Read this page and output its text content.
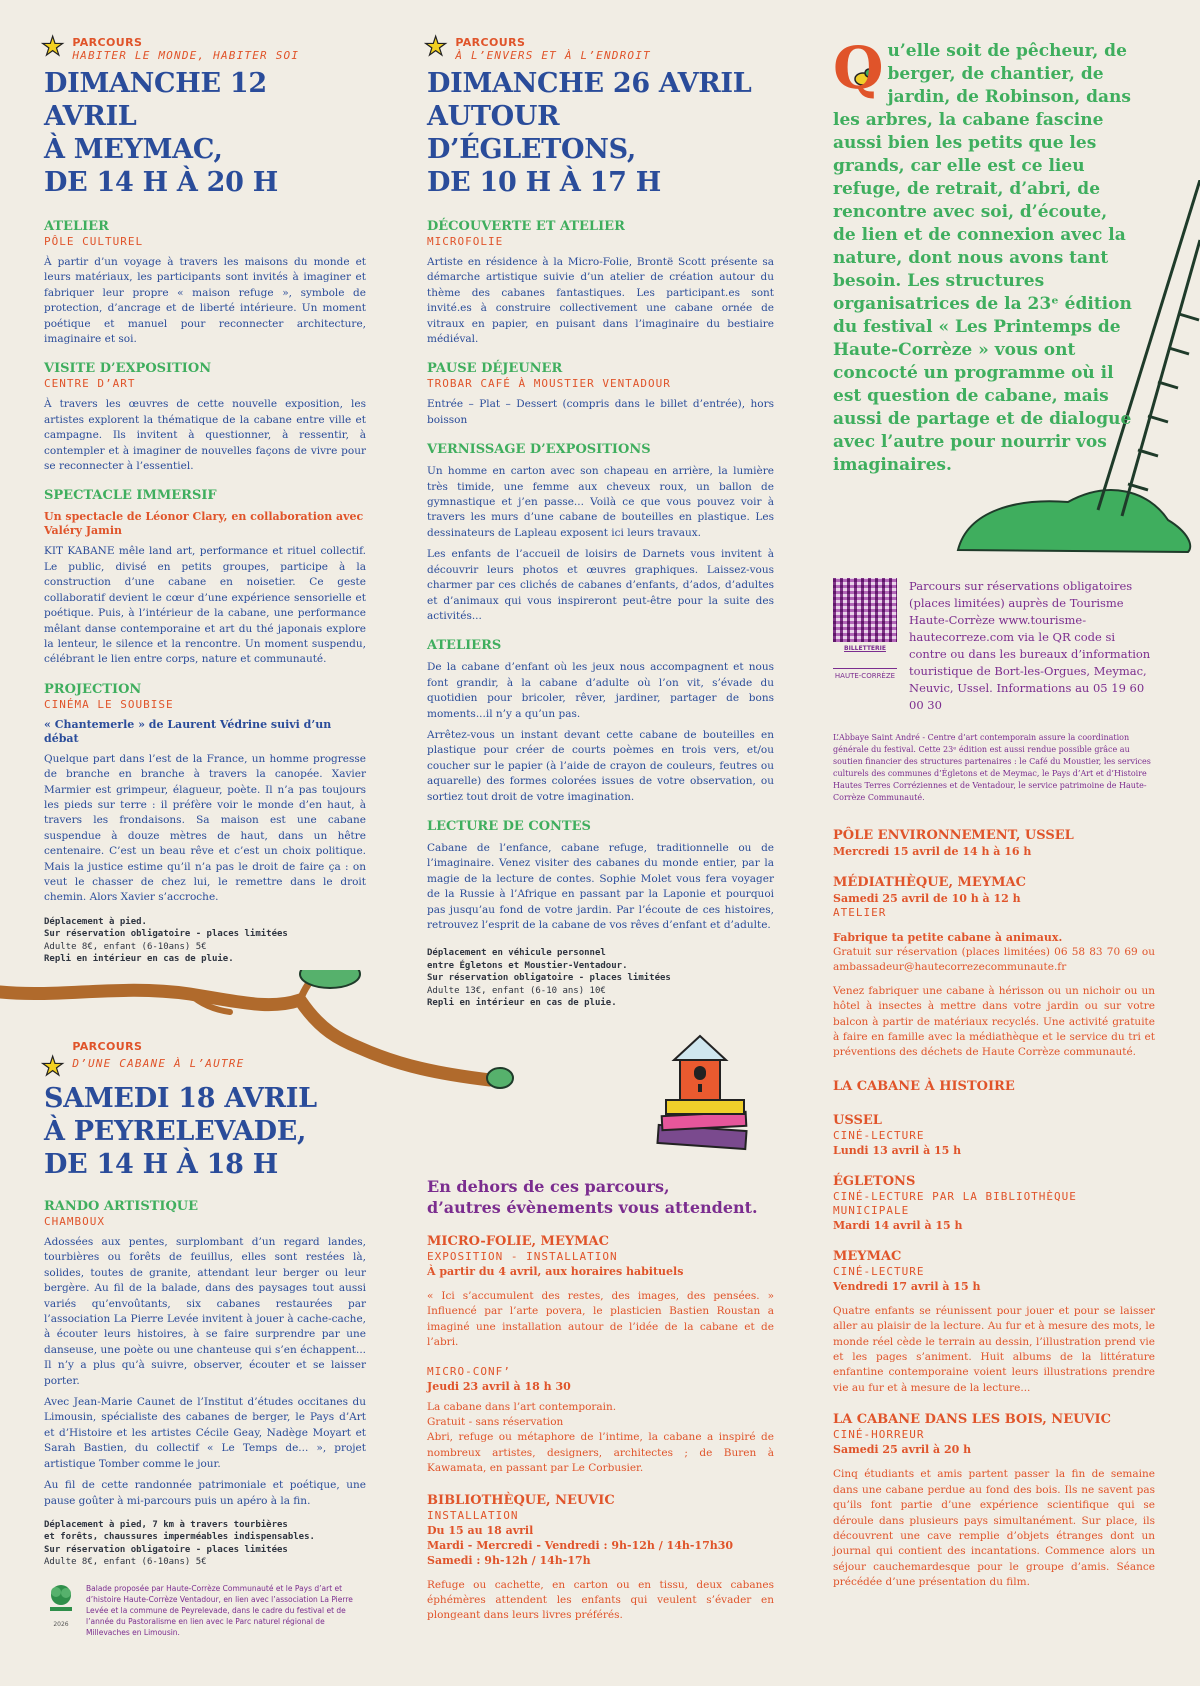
★ PARCOURS
HABITER LE MONDE, HABITER SOI
DIMANCHE 12 AVRIL
À MEYMAC,
DE 14 H À 20 H
ATELIER
PÔLE CULTUREL
À partir d’un voyage à travers les maisons du monde et leurs matériaux, les participants sont invités à imaginer et fabriquer leur propre « maison refuge », symbole de protection, d’ancrage et de liberté intérieure. Un moment poétique et manuel pour reconnecter architecture, imaginaire et soi.
VISITE D’EXPOSITION
CENTRE D’ART
À travers les œuvres de cette nouvelle exposition, les artistes explorent la thématique de la cabane entre ville et campagne. Ils invitent à questionner, à ressentir, à contempler et à imaginer de nouvelles façons de vivre pour se reconnecter à l’essentiel.
SPECTACLE IMMERSIF
Un spectacle de Léonor Clary, en collaboration avec Valéry Jamin
KIT KABANE mêle land art, performance et rituel collectif. Le public, divisé en petits groupes, participe à la construction d’une cabane en noisetier. Ce geste collaboratif devient le cœur d’une expérience sensorielle et poétique. Puis, à l’intérieur de la cabane, une performance mêlant danse contemporaine et art du thé japonais explore la lenteur, le silence et la rencontre. Un moment suspendu, célébrant le lien entre corps, nature et communauté.
PROJECTION
CINÉMA LE SOUBISE
« Chantemerle » de Laurent Védrine suivi d’un débat
Quelque part dans l’est de la France, un homme progresse de branche en branche à travers la canopée. Xavier Marmier est grimpeur, élagueur, poète. Il n’a pas toujours les pieds sur terre : il préfère voir le monde d’en haut, à travers les frondaisons. Sa maison est une cabane suspendue à douze mètres de haut, dans un hêtre centenaire. C’est un beau rêve et c’est un choix politique. Mais la justice estime qu’il n’a pas le droit de faire ça : on veut le chasser de chez lui, le remettre dans le droit chemin. Alors Xavier s’accroche.
Déplacement à pied.
Sur réservation obligatoire - places limitées
Adulte 8€, enfant (6-10ans) 5€
Repli en intérieur en cas de pluie.
★
PARCOURS
D’UNE CABANE À L’AUTRE
SAMEDI 18 AVRIL
À PEYRELEVADE,
DE 14 H À 18 H
RANDO ARTISTIQUE
CHAMBOUX
Adossées aux pentes, surplombant d’un regard landes, tourbières ou forêts de feuillus, elles sont restées là, solides, toutes de granite, attendant leur berger ou leur bergère. Au fil de la balade, dans des paysages tout aussi variés qu’envoûtants, six cabanes restaurées par l’association La Pierre Levée invitent à jouer à cache-cache, à écouter leurs histoires, à se faire surprendre par une danseuse, une poète ou une chanteuse qui s’en échappent... Il n’y a plus qu’à suivre, observer, écouter et se laisser porter.
Avec Jean-Marie Caunet de l’Institut d’études occitanes du Limousin, spécialiste des cabanes de berger, le Pays d’Art et d’Histoire et les artistes Cécile Geay, Nadège Moyart et Sarah Bastien, du collectif « Le Temps de... », projet artistique Tomber comme le jour.
Au fil de cette randonnée patrimoniale et poétique, une pause goûter à mi-parcours puis un apéro à la fin.
Déplacement à pied, 7 km à travers tourbières
et forêts, chaussures imperméables indispensables.
Sur réservation obligatoire - places limitées
Adulte 8€, enfant (6-10ans) 5€
2026
Balade proposée par Haute-Corrèze Communauté et le Pays d’art et d’histoire Haute-Corrèze Ventadour, en lien avec l’association La Pierre Levée et la commune de Peyrelevade, dans le cadre du festival et de l’année du Pastoralisme en lien avec le Parc naturel régional de Millevaches en Limousin.
★ PARCOURS
À L’ENVERS ET À L’ENDROIT
DIMANCHE 26 AVRIL
AUTOUR D’ÉGLETONS,
DE 10 H À 17 H
DÉCOUVERTE ET ATELIER
MICROFOLIE
Artiste en résidence à la Micro-Folie, Brontë Scott présente sa démarche artistique suivie d’un atelier de création autour du thème des cabanes fantastiques. Les participant.es sont invité.es à construire collectivement une cabane ornée de vitraux en papier, en puisant dans l’imaginaire du bestiaire médiéval.
PAUSE DÉJEUNER
TROBAR CAFÉ À MOUSTIER VENTADOUR
Entrée – Plat – Dessert (compris dans le billet d’entrée), hors boisson
VERNISSAGE D’EXPOSITIONS
Un homme en carton avec son chapeau en arrière, la lumière très timide, une femme aux cheveux roux, un ballon de gymnastique et j’en passe... Voilà ce que vous pouvez voir à travers les murs d’une cabane de bouteilles en plastique. Les dessinateurs de Lapleau exposent ici leurs travaux.
Les enfants de l’accueil de loisirs de Darnets vous invitent à découvrir leurs photos et œuvres graphiques. Laissez-vous charmer par ces clichés de cabanes d’enfants, d’ados, d’adultes et d’animaux qui vous inspireront peut-être pour la suite des activités...
ATELIERS
De la cabane d’enfant où les jeux nous accompagnent et nous font grandir, à la cabane d’adulte où l’on vit, s’évade du quotidien pour bricoler, rêver, jardiner, partager de bons moments...il n’y a qu’un pas.
Arrêtez-vous un instant devant cette cabane de bouteilles en plastique pour créer de courts poèmes en trois vers, et/ou coucher sur le papier (à l’aide de crayon de couleurs, feutres ou aquarelle) des formes colorées issues de votre observation, ou sortiez tout droit de votre imagination.
LECTURE DE CONTES
Cabane de l’enfance, cabane refuge, traditionnelle ou de l’imaginaire. Venez visiter des cabanes du monde entier, par la magie de la lecture de contes. Sophie Molet vous fera voyager de la Russie à l’Afrique en passant par la Laponie et pourquoi pas jusqu’au fond de votre jardin. Par l’écoute de ces histoires, retrouvez l’esprit de la cabane de vos rêves d’enfant et d’adulte.
Déplacement en véhicule personnel
entre Égletons et Moustier-Ventadour.
Sur réservation obligatoire - places limitées
Adulte 13€, enfant (6-10 ans) 10€
Repli en intérieur en cas de pluie.
En dehors de ces parcours,
d’autres évènements vous attendent.
MICRO-FOLIE, MEYMAC
EXPOSITION - INSTALLATION
À partir du 4 avril, aux horaires habituels
« Ici s’accumulent des restes, des images, des pensées. » Influencé par l’arte povera, le plasticien Bastien Roustan a imaginé une installation autour de l’idée de la cabane et de l’abri.
MICRO-CONF’
Jeudi 23 avril à 18 h 30
La cabane dans l’art contemporain.
Gratuit - sans réservation
Abri, refuge ou métaphore de l’intime, la cabane a inspiré de nombreux artistes, designers, architectes ; de Buren à Kawamata, en passant par Le Corbusier.
BIBLIOTHÈQUE, NEUVIC
INSTALLATION
Du 15 au 18 avril
Mardi - Mercredi - Vendredi : 9h-12h / 14h-17h30
Samedi : 9h-12h / 14h-17h
Refuge ou cachette, en carton ou en tissu, deux cabanes éphémères attendent les enfants qui veulent s’évader en plongeant dans leurs livres préférés.
Q u’elle soit de pêcheur, de berger, de chantier, de jardin, de Robinson, dans les arbres, la cabane fascine aussi bien les petits que les grands, car elle est ce lieu refuge, de retrait, d’abri, de rencontre avec soi, d’écoute, de lien et de connexion avec la nature, dont nous avons tant besoin. Les structures organisatrices de la 23ᵉ édition du festival « Les Printemps de Haute-Corrèze » vous ont concocté un programme où il est question de cabane, mais aussi de partage et de dialogue avec l’autre pour nourrir vos imaginaires.
BILLETTERIE
HAUTE-CORRÈZE
Parcours sur réservations obligatoires (places limitées) auprès de Tourisme Haute-Corrèze www.tourisme-hautecorreze.com via le QR code si contre ou dans les bureaux d’information touristique de Bort-les-Orgues, Meymac, Neuvic, Ussel. Informations au 05 19 60 00 30
L’Abbaye Saint André - Centre d’art contemporain assure la coordination générale du festival. Cette 23ᵉ édition est aussi rendue possible grâce au soutien financier des structures partenaires : le Café du Moustier, les services culturels des communes d’Égletons et de Meymac, le Pays d’Art et d’Histoire Hautes Terres Corréziennes et de Ventadour, le service patrimoine de Haute-Corrèze Communauté.
PÔLE ENVIRONNEMENT, USSEL
Mercredi 15 avril de 14 h à 16 h
MÉDIATHÈQUE, MEYMAC
Samedi 25 avril de 10 h à 12 h
ATELIER
Fabrique ta petite cabane à animaux.
Gratuit sur réservation (places limitées) 06 58 83 70 69 ou ambassadeur@hautecorrezecommunaute.fr
Venez fabriquer une cabane à hérisson ou un nichoir ou un hôtel à insectes à mettre dans votre jardin ou sur votre balcon à partir de matériaux recyclés. Une activité gratuite à faire en famille avec la médiathèque et le service du tri et préventions des déchets de Haute Corrèze communauté.
LA CABANE À HISTOIRE
USSEL
CINÉ-LECTURE
Lundi 13 avril à 15 h
ÉGLETONS
CINÉ-LECTURE PAR LA BIBLIOTHÈQUE MUNICIPALE
Mardi 14 avril à 15 h
MEYMAC
CINÉ-LECTURE
Vendredi 17 avril à 15 h
Quatre enfants se réunissent pour jouer et pour se laisser aller au plaisir de la lecture. Au fur et à mesure des mots, le monde réel cède le terrain au dessin, l’illustration prend vie et les pages s’animent. Huit albums de la littérature enfantine contemporaine voient leurs illustrations prendre vie au fur et à mesure de la lecture...
LA CABANE DANS LES BOIS, NEUVIC
CINÉ-HORREUR
Samedi 25 avril à 20 h
Cinq étudiants et amis partent passer la fin de semaine dans une cabane perdue au fond des bois. Ils ne savent pas qu’ils font partie d’une expérience scientifique qui se déroule dans plusieurs pays simultanément. Sur place, ils découvrent une cave remplie d’objets étranges dont un journal qui contient des incantations. Commence alors un séjour cauchemardesque pour le groupe d’amis. Séance précédée d’une présentation du film.
